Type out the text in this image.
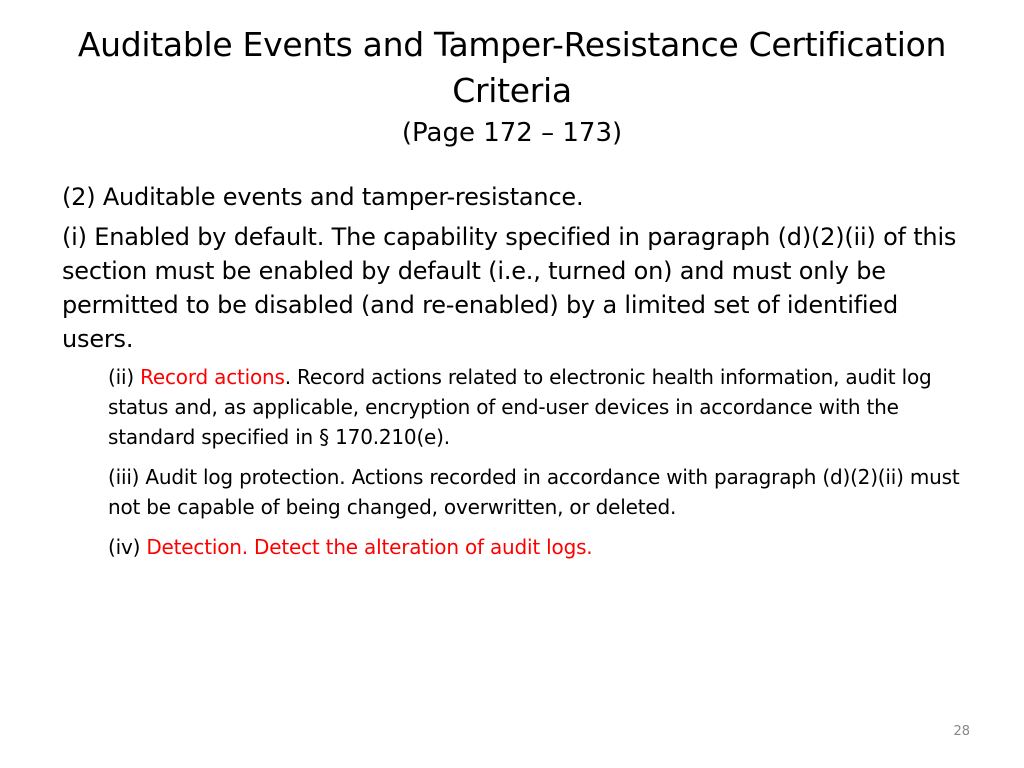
Auditable Events and Tamper-Resistance Certification Criteria
(Page 172 – 173)

(2) Auditable events and tamper-resistance.

(i) Enabled by default. The capability specified in paragraph (d)(2)(ii) of this section must be enabled by default (i.e., turned on) and must only be permitted to be disabled (and re-enabled) by a limited set of identified users.

(ii) Record actions. Record actions related to electronic health information, audit log status and, as applicable, encryption of end-user devices in accordance with the standard specified in § 170.210(e).

(iii) Audit log protection. Actions recorded in accordance with paragraph (d)(2)(ii) must not be capable of being changed, overwritten, or deleted.

(iv) Detection. Detect the alteration of audit logs.

28
